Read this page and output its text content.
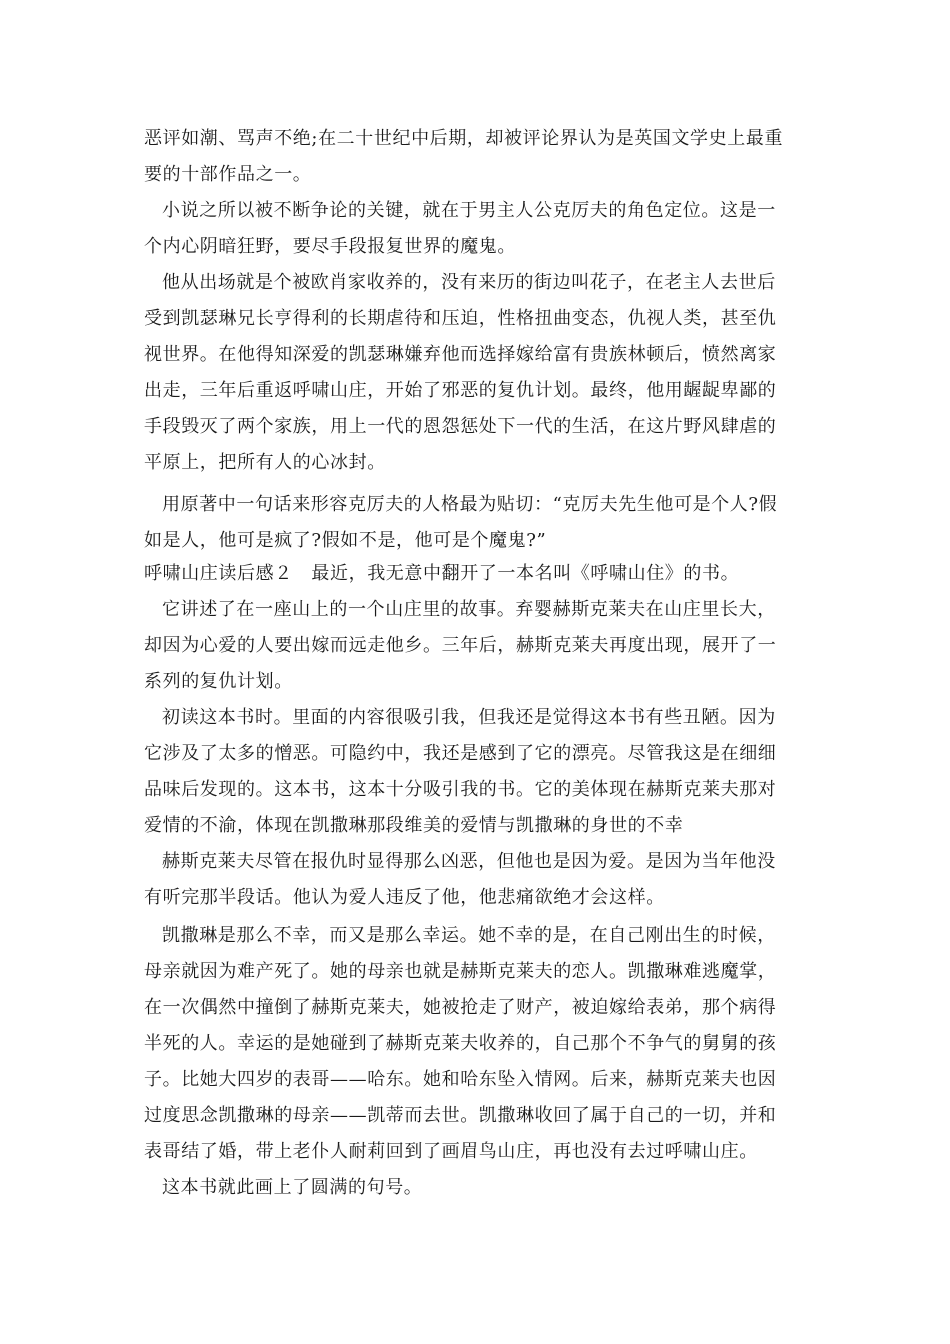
恶评如潮、骂声不绝;在二十世纪中后期，却被评论界认为是英国文学史上最重
要的十部作品之一。
小说之所以被不断争论的关键，就在于男主人公克厉夫的角色定位。这是一
个内心阴暗狂野，要尽手段报复世界的魔鬼。
他从出场就是个被欧肖家收养的，没有来历的街边叫花子，在老主人去世后
受到凯瑟琳兄长亨得利的长期虐待和压迫，性格扭曲变态，仇视人类，甚至仇
视世界。在他得知深爱的凯瑟琳嫌弃他而选择嫁给富有贵族林顿后，愤然离家
出走，三年后重返呼啸山庄，开始了邪恶的复仇计划。最终，他用龌龊卑鄙的
手段毁灭了两个家族，用上一代的恩怨惩处下一代的生活，在这片野风肆虐的
平原上，把所有人的心冰封。
用原著中一句话来形容克厉夫的人格最为贴切：“克厉夫先生他可是个人?假
如是人，他可是疯了?假如不是，他可是个魔鬼?”
呼啸山庄读后感２　最近，我无意中翻开了一本名叫《呼啸山住》的书。
它讲述了在一座山上的一个山庄里的故事。弃婴赫斯克莱夫在山庄里长大，
却因为心爱的人要出嫁而远走他乡。三年后，赫斯克莱夫再度出现，展开了一
系列的复仇计划。
初读这本书时。里面的内容很吸引我，但我还是觉得这本书有些丑陋。因为
它涉及了太多的憎恶。可隐约中，我还是感到了它的漂亮。尽管我这是在细细
品味后发现的。这本书，这本十分吸引我的书。它的美体现在赫斯克莱夫那对
爱情的不渝，体现在凯撒琳那段维美的爱情与凯撒琳的身世的不幸
赫斯克莱夫尽管在报仇时显得那么凶恶，但他也是因为爱。是因为当年他没
有听完那半段话。他认为爱人违反了他，他悲痛欲绝才会这样。
凯撒琳是那么不幸，而又是那么幸运。她不幸的是，在自己刚出生的时候，
母亲就因为难产死了。她的母亲也就是赫斯克莱夫的恋人。凯撒琳难逃魔掌，
在一次偶然中撞倒了赫斯克莱夫，她被抢走了财产，被迫嫁给表弟，那个病得
半死的人。幸运的是她碰到了赫斯克莱夫收养的，自己那个不争气的舅舅的孩
子。比她大四岁的表哥——哈东。她和哈东坠入情网。后来，赫斯克莱夫也因
过度思念凯撒琳的母亲——凯蒂而去世。凯撒琳收回了属于自己的一切，并和
表哥结了婚，带上老仆人耐莉回到了画眉鸟山庄，再也没有去过呼啸山庄。
这本书就此画上了圆满的句号。
